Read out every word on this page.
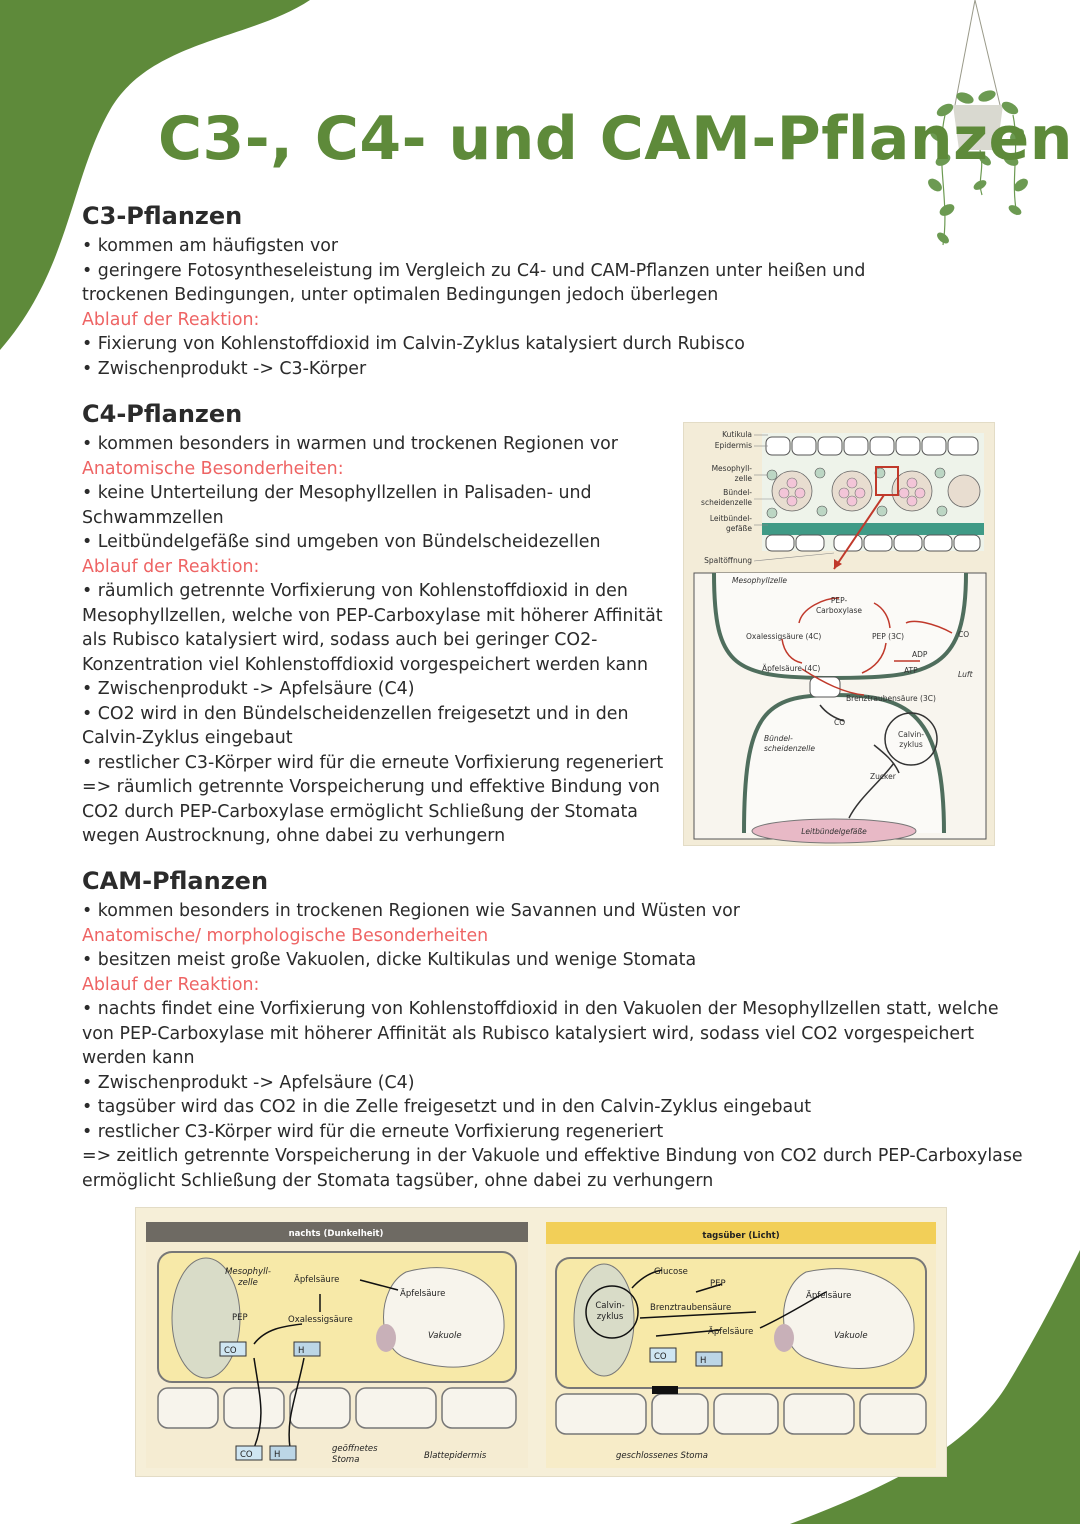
C3-, C4- und CAM-Pflanzen
C3-Pflanzen

• kommen am häufigsten vor

• geringere Fotosyntheseleistung im Vergleich zu C4- und CAM-Pflanzen unter heißen und

trockenen Bedingungen, unter optimalen Bedingungen jedoch überlegen

Ablauf der Reaktion:

• Fixierung von Kohlenstoffdioxid im Calvin-Zyklus katalysiert durch Rubisco

• Zwischenprodukt -> C3-Körper

C4-Pflanzen

• kommen besonders in warmen und trockenen Regionen vor

Anatomische Besonderheiten:

• keine Unterteilung der Mesophyllzellen in Palisaden- und

Schwammzellen

• Leitbündelgefäße sind umgeben von Bündelscheidezellen

Ablauf der Reaktion:

• räumlich getrennte Vorfixierung von Kohlenstoffdioxid in den

Mesophyllzellen, welche von PEP-Carboxylase mit höherer Affinität

als Rubisco katalysiert wird, sodass auch bei geringer CO2-

Konzentration viel Kohlenstoffdioxid vorgespeichert werden kann

• Zwischenprodukt -> Apfelsäure (C4)

• CO2 wird in den Bündelscheidenzellen freigesetzt und in den

Calvin-Zyklus eingebaut

• restlicher C3-Körper wird für die erneute Vorfixierung regeneriert

=> räumlich getrennte Vorspeicherung und effektive Bindung von

CO2 durch PEP-Carboxylase ermöglicht Schließung der Stomata

wegen Austrocknung, ohne dabei zu verhungern

Kutikula
Epidermis
Mesophyll-
zelle
Bündel-
scheidenzelle
Leitbündel-
gefäße
Spaltöffnung
Mesophyllzelle
PEP-
Carboxylase
Oxalessigsäure (4C)	PEP (3C)
ADP
ATP
CO
Luft
Äpfelsäure (4C)
Brenztraubensäure (3C)
CO
Bündel-
scheidenzelle
Calvin-
zyklus
Zucker
Leitbündelgefäße
CAM-Pflanzen

• kommen besonders in trockenen Regionen wie Savannen und Wüsten vor

Anatomische/ morphologische Besonderheiten

• besitzen meist große Vakuolen, dicke Kultikulas und wenige Stomata

Ablauf der Reaktion:

• nachts findet eine Vorfixierung von Kohlenstoffdioxid in den Vakuolen der Mesophyllzellen statt, welche

von PEP-Carboxylase mit höherer Affinität als Rubisco katalysiert wird, sodass viel CO2 vorgespeichert

werden kann

• Zwischenprodukt -> Apfelsäure (C4)

• tagsüber wird das CO2 in die Zelle freigesetzt und in den Calvin-Zyklus eingebaut

• restlicher C3-Körper wird für die erneute Vorfixierung regeneriert

=> zeitlich getrennte Vorspeicherung in der Vakuole und effektive Bindung von CO2 durch PEP-Carboxylase

ermöglicht Schließung der Stomata tagsüber, ohne dabei zu verhungern

nachts (Dunkelheit)
Mesophyll-
zelle	Äpfelsäure
Äpfelsäure
PEP	Oxalessigsäure
Vakuole
CO	H
CO	H
geöffnetes
Stoma	Blattepidermis
tagsüber (Licht)
Glucose
PEP
Calvin-
zyklus
Brenztraubensäure
Äpfelsäure
Äpfelsäure	Vakuole
CO	H
geschlossenes Stoma
